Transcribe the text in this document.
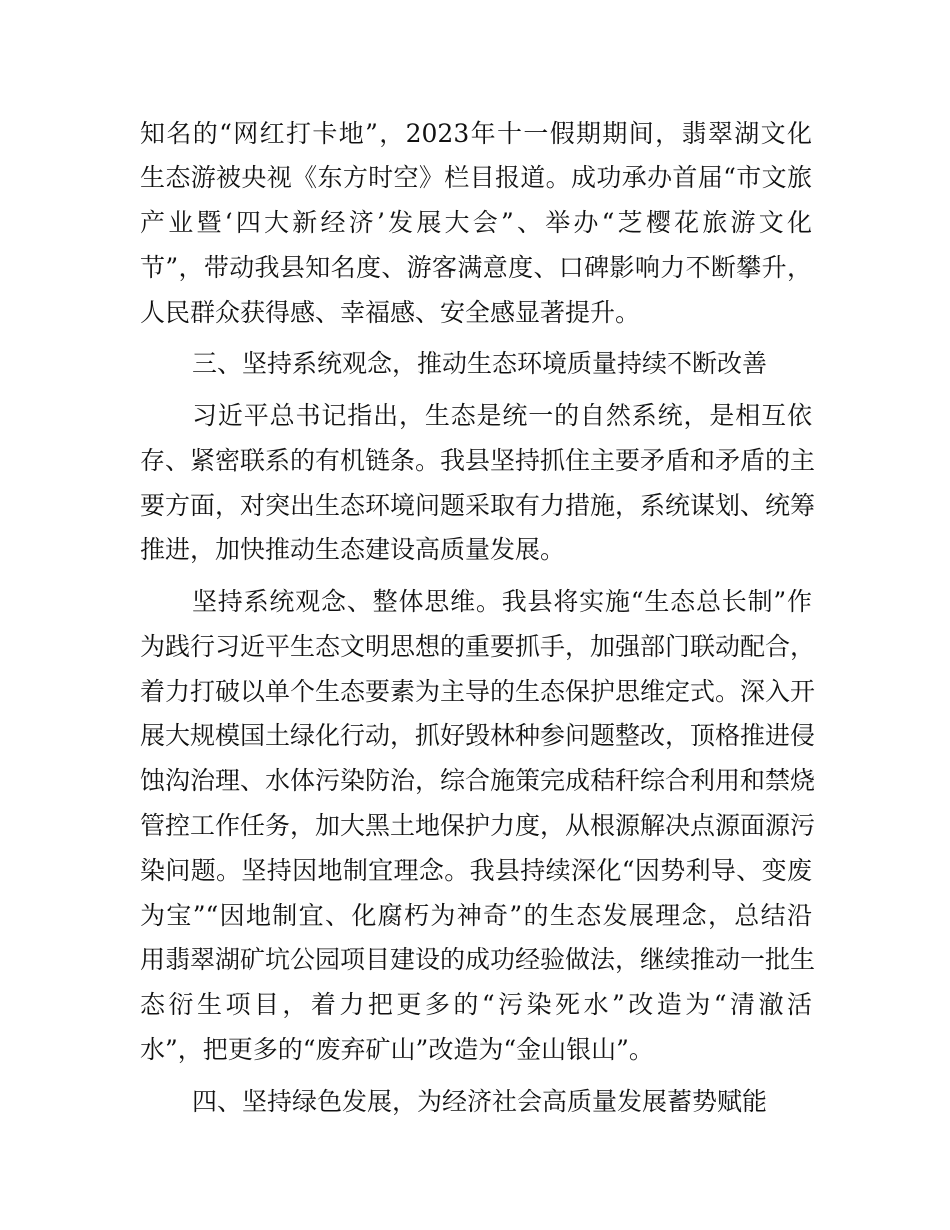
知名的“网红打卡地”，2023年十一假期期间，翡翠湖文化
生态游被央视《东方时空》栏目报道。成功承办首届“市文旅
产业暨‘四大新经济’发展大会”、举办“芝樱花旅游文化
节”，带动我县知名度、游客满意度、口碑影响力不断攀升，
人民群众获得感、幸福感、安全感显著提升。
三、坚持系统观念，推动生态环境质量持续不断改善
习近平总书记指出，生态是统一的自然系统，是相互依
存、紧密联系的有机链条。我县坚持抓住主要矛盾和矛盾的主
要方面，对突出生态环境问题采取有力措施，系统谋划、统筹
推进，加快推动生态建设高质量发展。
坚持系统观念、整体思维。我县将实施“生态总长制”作
为践行习近平生态文明思想的重要抓手，加强部门联动配合，
着力打破以单个生态要素为主导的生态保护思维定式。深入开
展大规模国土绿化行动，抓好毁林种参问题整改，顶格推进侵
蚀沟治理、水体污染防治，综合施策完成秸秆综合利用和禁烧
管控工作任务，加大黑土地保护力度，从根源解决点源面源污
染问题。坚持因地制宜理念。我县持续深化“因势利导、变废
为宝”“因地制宜、化腐朽为神奇”的生态发展理念，总结沿
用翡翠湖矿坑公园项目建设的成功经验做法，继续推动一批生
态衍生项目，着力把更多的“污染死水”改造为“清澈活
水”，把更多的“废弃矿山”改造为“金山银山”。
四、坚持绿色发展，为经济社会高质量发展蓄势赋能
